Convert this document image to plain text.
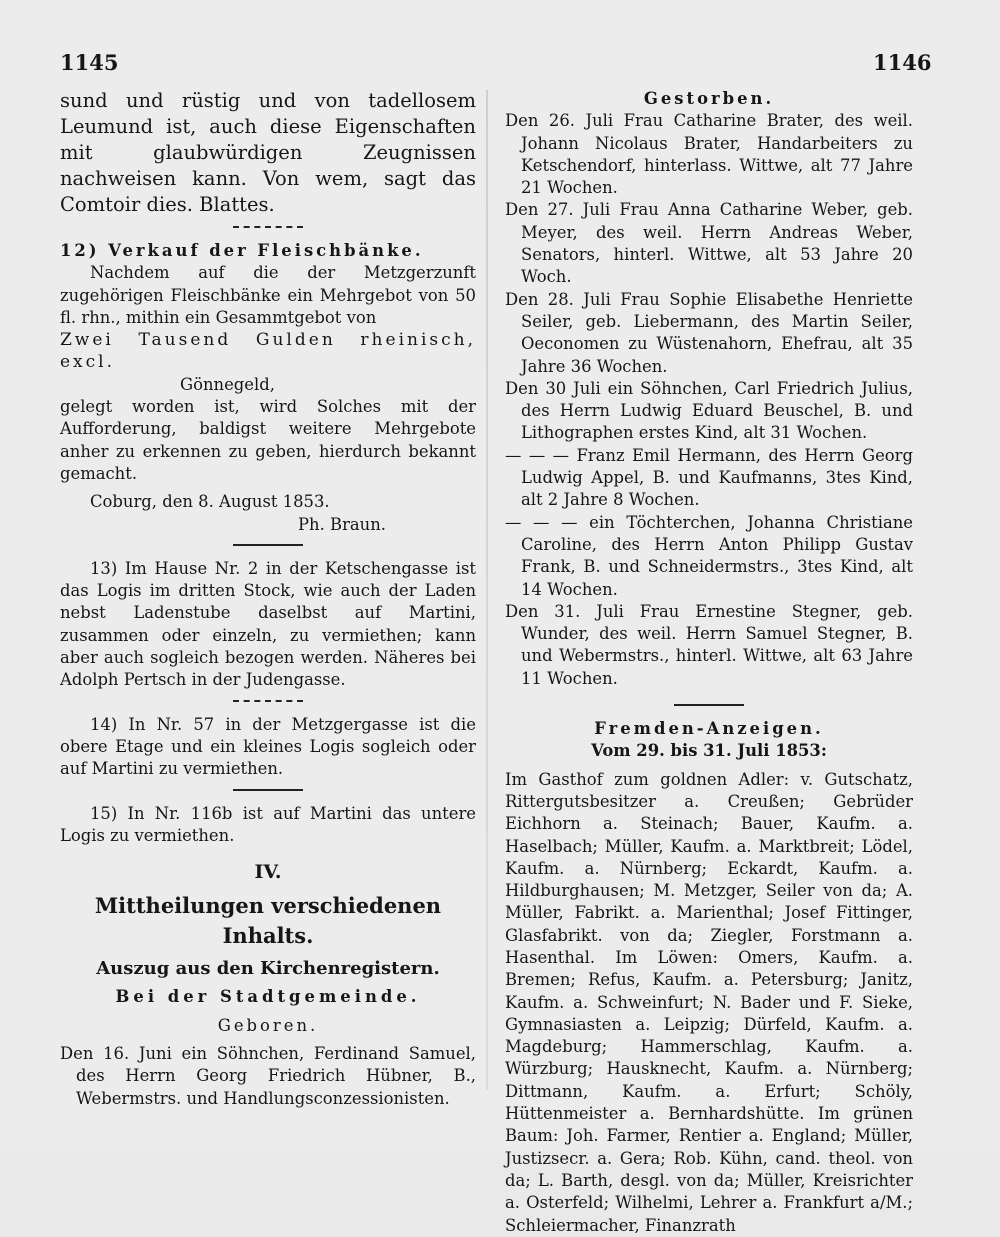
1145	1146

sund und rüstig und von tadellosem Leumund ist, auch diese Eigenschaften mit glaubwürdigen Zeugnissen nachweisen kann. Von wem, sagt das Comtoir dies. Blattes.

12) Verkauf der Fleischbänke.

Nachdem auf die der Metzgerzunft zugehörigen Fleischbänke ein Mehrgebot von 50 fl. rhn., mithin ein Gesammtgebot von

Zwei Tausend Gulden rheinisch, excl.

Gönnegeld,

gelegt worden ist, wird Solches mit der Aufforderung, baldigst weitere Mehrgebote anher zu erkennen zu geben, hierdurch bekannt gemacht.

Coburg, den 8. August 1853.

Ph. Braun.

13) Im Hause Nr. 2 in der Ketschengasse ist das Logis im dritten Stock, wie auch der Laden nebst Ladenstube daselbst auf Martini, zusammen oder einzeln, zu vermiethen; kann aber auch sogleich bezogen werden. Näheres bei Adolph Pertsch in der Judengasse.

14) In Nr. 57 in der Metzgergasse ist die obere Etage und ein kleines Logis sogleich oder auf Martini zu vermiethen.

15) In Nr. 116b ist auf Martini das untere Logis zu vermiethen.

IV.

Mittheilungen verschiedenen Inhalts.

Auszug aus den Kirchenregistern.

Bei der Stadtgemeinde.

Geboren.

Den 16. Juni ein Söhnchen, Ferdinand Samuel, des Herrn Georg Friedrich Hübner, B., Webermstrs. und Handlungsconzessionisten.

Gestorben.

Den 26. Juli Frau Catharine Brater, des weil. Johann Nicolaus Brater, Handarbeiters zu Ketschendorf, hinterlass. Wittwe, alt 77 Jahre 21 Wochen.

Den 27. Juli Frau Anna Catharine Weber, geb. Meyer, des weil. Herrn Andreas Weber, Senators, hinterl. Wittwe, alt 53 Jahre 20 Woch.

Den 28. Juli Frau Sophie Elisabethe Henriette Seiler, geb. Liebermann, des Martin Seiler, Oeconomen zu Wüstenahorn, Ehefrau, alt 35 Jahre 36 Wochen.

Den 30 Juli ein Söhnchen, Carl Friedrich Julius, des Herrn Ludwig Eduard Beuschel, B. und Lithographen erstes Kind, alt 31 Wochen.

— — — Franz Emil Hermann, des Herrn Georg Ludwig Appel, B. und Kaufmanns, 3tes Kind, alt 2 Jahre 8 Wochen.

— — — ein Töchterchen, Johanna Christiane Caroline, des Herrn Anton Philipp Gustav Frank, B. und Schneidermstrs., 3tes Kind, alt 14 Wochen.

Den 31. Juli Frau Ernestine Stegner, geb. Wunder, des weil. Herrn Samuel Stegner, B. und Webermstrs., hinterl. Wittwe, alt 63 Jahre 11 Wochen.

Fremden-Anzeigen.

Vom 29. bis 31. Juli 1853:

Im Gasthof zum goldnen Adler: v. Gutschatz, Rittergutsbesitzer a. Creußen; Gebrüder Eichhorn a. Steinach; Bauer, Kaufm. a. Haselbach; Müller, Kaufm. a. Marktbreit; Lödel, Kaufm. a. Nürnberg; Eckardt, Kaufm. a. Hildburghausen; M. Metzger, Seiler von da; A. Müller, Fabrikt. a. Marienthal; Josef Fittinger, Glasfabrikt. von da; Ziegler, Forstmann a. Hasenthal. Im Löwen: Omers, Kaufm. a. Bremen; Refus, Kaufm. a. Petersburg; Janitz, Kaufm. a. Schweinfurt; N. Bader und F. Sieke, Gymnasiasten a. Leipzig; Dürfeld, Kaufm. a. Magdeburg; Hammerschlag, Kaufm. a. Würzburg; Hausknecht, Kaufm. a. Nürnberg; Dittmann, Kaufm. a. Erfurt; Schöly, Hüttenmeister a. Bernhardshütte. Im grünen Baum: Joh. Farmer, Rentier a. England; Müller, Justizsecr. a. Gera; Rob. Kühn, cand. theol. von da; L. Barth, desgl. von da; Müller, Kreisrichter a. Osterfeld; Wilhelmi, Lehrer a. Frankfurt a/M.; Schleiermacher, Finanzrath
